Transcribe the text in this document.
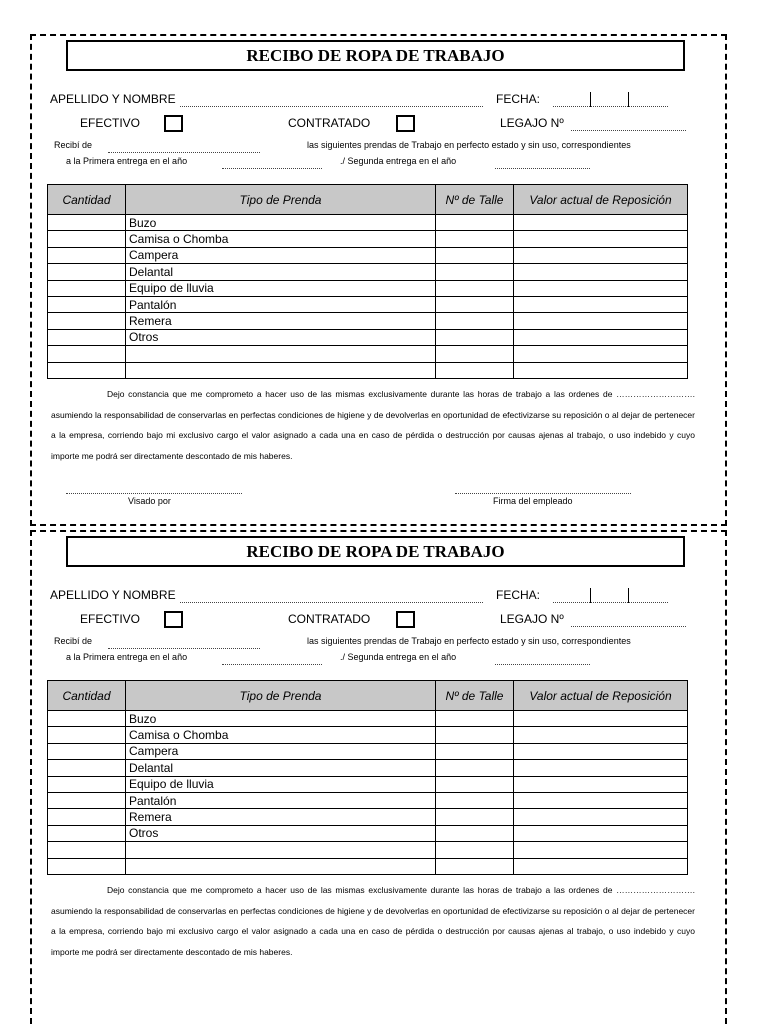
RECIBO DE ROPA DE TRABAJO
APELLIDO Y NOMBRE	FECHA:
EFECTIVO	CONTRATADO	LEGAJO Nº
Recibí de	las siguientes prendas de Trabajo en perfecto estado y sin uso, correspondientes
a la Primera entrega en el año	./ Segunda entrega en el año
Cantidad	Tipo de Prenda	Nº de Talle	Valor actual de Reposición
	Buzo		
	Camisa o Chomba		
	Campera		
	Delantal		
	Equipo de lluvia		
	Pantalón		
	Remera		
	Otros		

Dejo constancia que me comprometo a hacer uso de las mismas exclusivamente durante las horas de trabajo a las ordenes de ………………………. asumiendo la responsabilidad de conservarlas en perfectas condiciones de higiene y de devolverlas en oportunidad de efectivizarse su reposición o al dejar de pertenecer a la empresa, corriendo bajo mi exclusivo cargo el valor asignado a cada una en caso de pérdida o destrucción por causas ajenas al trabajo, o uso indebido y cuyo importe me podrá ser directamente descontado de mis haberes.
Visado por	Firma del empleado
RECIBO DE ROPA DE TRABAJO
APELLIDO Y NOMBRE	FECHA:
EFECTIVO	CONTRATADO	LEGAJO Nº
Recibí de	las siguientes prendas de Trabajo en perfecto estado y sin uso, correspondientes
a la Primera entrega en el año	./ Segunda entrega en el año
Cantidad	Tipo de Prenda	Nº de Talle	Valor actual de Reposición
	Buzo		
	Camisa o Chomba		
	Campera		
	Delantal		
	Equipo de lluvia		
	Pantalón		
	Remera		
	Otros		

Dejo constancia que me comprometo a hacer uso de las mismas exclusivamente durante las horas de trabajo a las ordenes de ………………………. asumiendo la responsabilidad de conservarlas en perfectas condiciones de higiene y de devolverlas en oportunidad de efectivizarse su reposición o al dejar de pertenecer a la empresa, corriendo bajo mi exclusivo cargo el valor asignado a cada una en caso de pérdida o destrucción por causas ajenas al trabajo, o uso indebido y cuyo importe me podrá ser directamente descontado de mis haberes.
